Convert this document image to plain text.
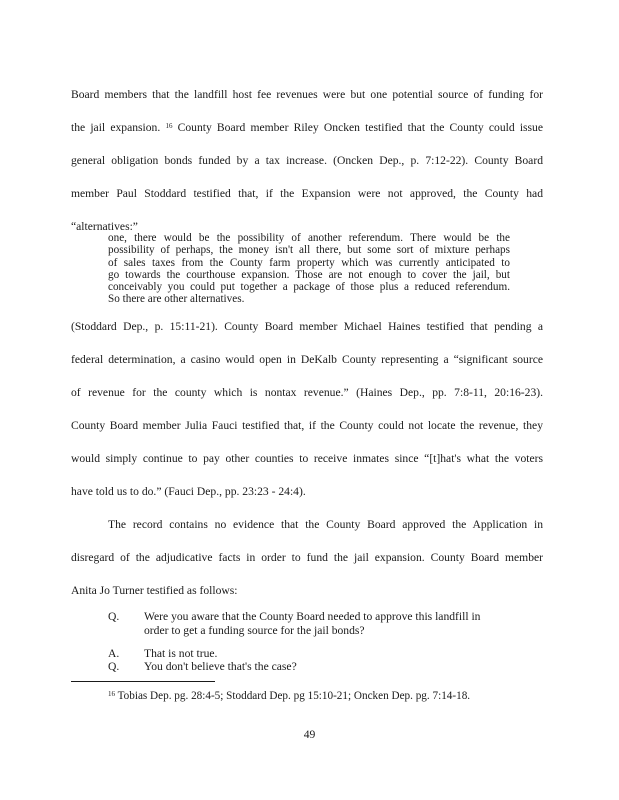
Board members that the landfill host fee revenues were but one potential source of funding for
the jail expansion. $^{16}$ County Board member Riley Oncken testified that the County could issue
general obligation bonds funded by a tax increase. (Oncken Dep., p. 7:12-22). County Board
member Paul Stoddard testified that, if the Expansion were not approved, the County had
“alternatives:”
one, there would be the possibility of another referendum. There would be the
possibility of perhaps, the money isn't all there, but some sort of mixture perhaps
of sales taxes from the County farm property which was currently anticipated to
go towards the courthouse expansion. Those are not enough to cover the jail, but
conceivably you could put together a package of those plus a reduced referendum.
So there are other alternatives.
(Stoddard Dep., p. 15:11-21). County Board member Michael Haines testified that pending a
federal determination, a casino would open in DeKalb County representing a “significant source
of revenue for the county which is nontax revenue.” (Haines Dep., pp. 7:8-11, 20:16-23).
County Board member Julia Fauci testified that, if the County could not locate the revenue, they
would simply continue to pay other counties to receive inmates since “[t]hat's what the voters
have told us to do.” (Fauci Dep., pp. 23:23 - 24:4).
The record contains no evidence that the County Board approved the Application in
disregard of the adjudicative facts in order to fund the jail expansion. County Board member
Anita Jo Turner testified as follows:
Q. Were you aware that the County Board needed to approve this landfill in
order to get a funding source for the jail bonds?
A. That is not true.
Q. You don't believe that's the case?
$^{16}$ Tobias Dep. pg. 28:4-5; Stoddard Dep. pg 15:10-21; Oncken Dep. pg. 7:14-18.
49
